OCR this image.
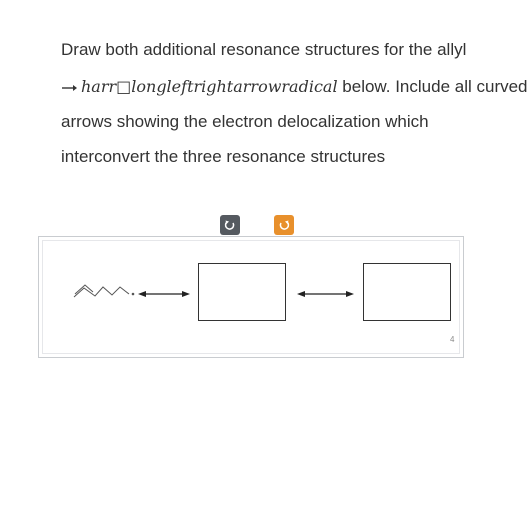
Draw both additional resonance structures for the allyl
harr□longleftrightarrowradical below. Include all curved
arrows showing the electron delocalization which
interconvert the three resonance structures
4
